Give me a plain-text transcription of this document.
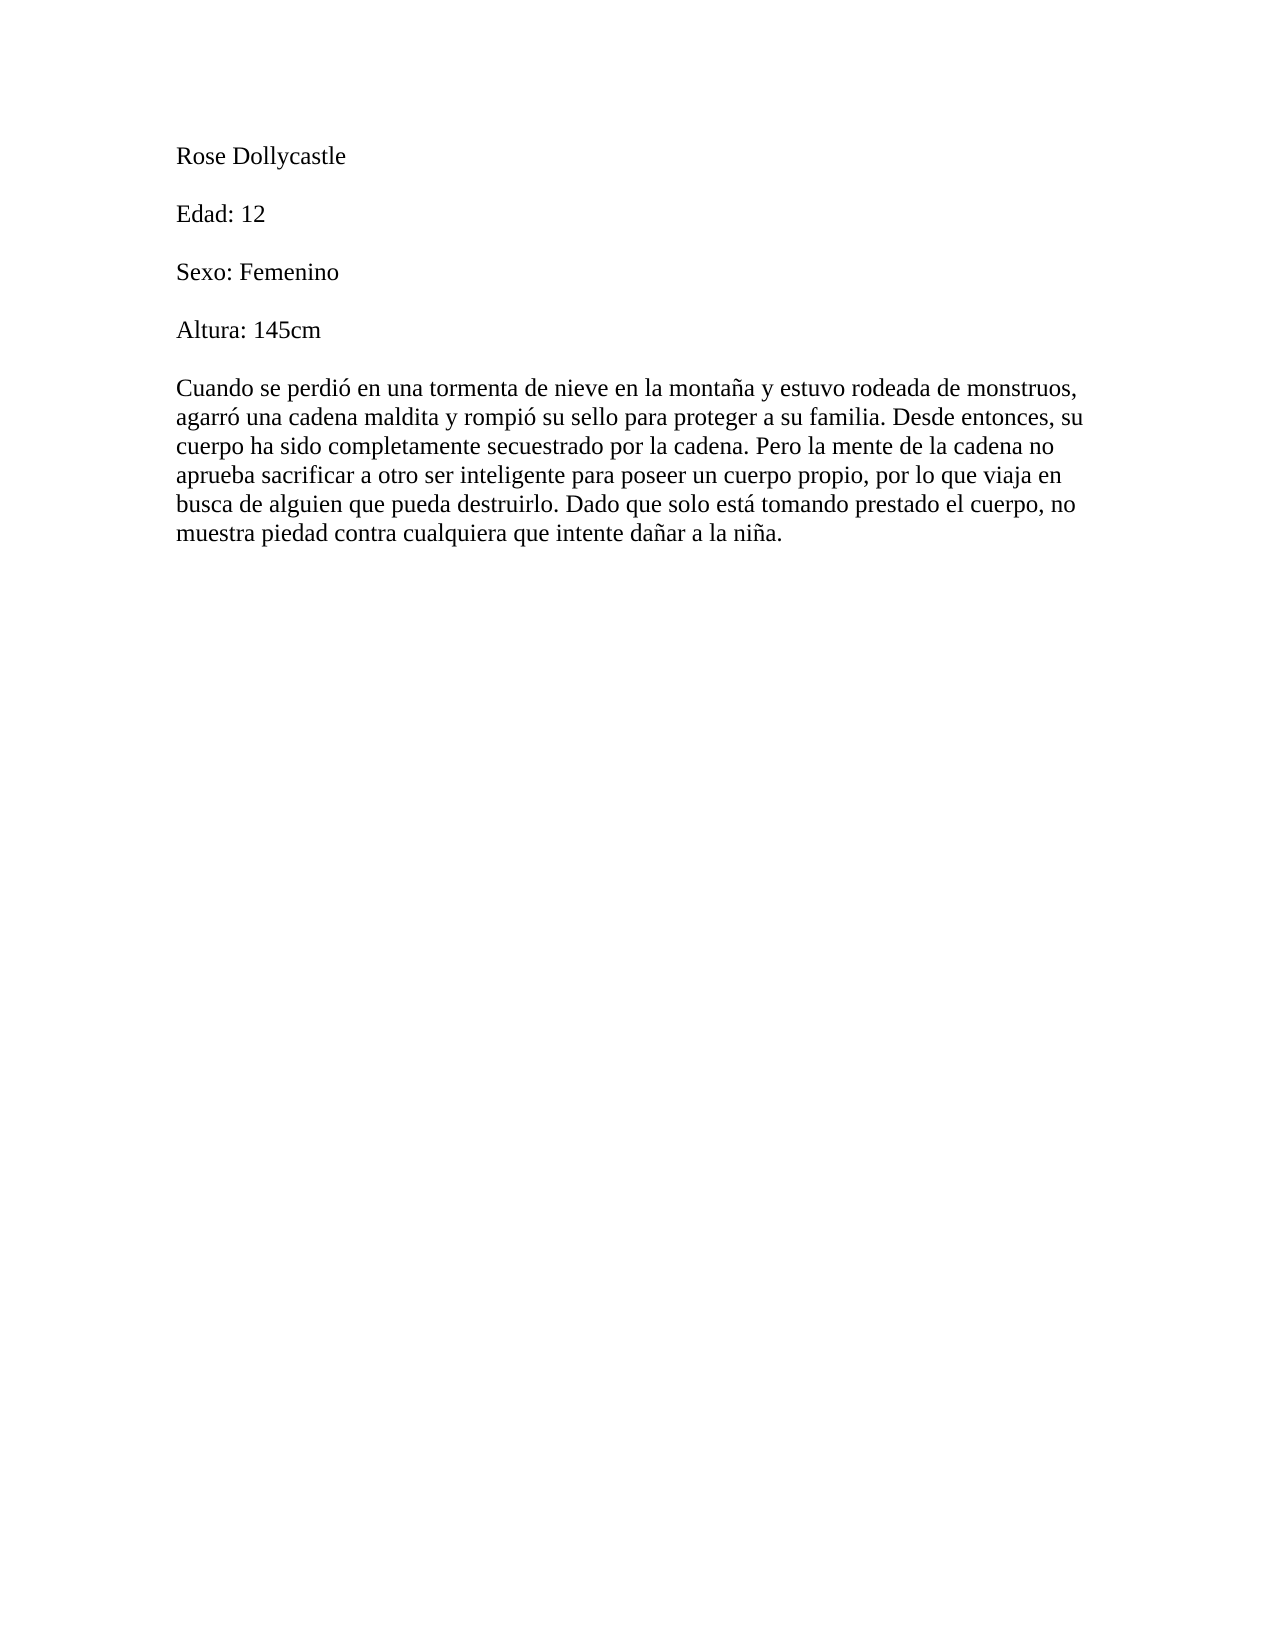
Rose Dollycastle

Edad: 12

Sexo: Femenino

Altura: 145cm

Cuando se perdió en una tormenta de nieve en la montaña y estuvo rodeada de monstruos, agarró una cadena maldita y rompió su sello para proteger a su familia. Desde entonces, su cuerpo ha sido completamente secuestrado por la cadena. Pero la mente de la cadena no aprueba sacrificar a otro ser inteligente para poseer un cuerpo propio, por lo que viaja en busca de alguien que pueda destruirlo. Dado que solo está tomando prestado el cuerpo, no muestra piedad contra cualquiera que intente dañar a la niña.
